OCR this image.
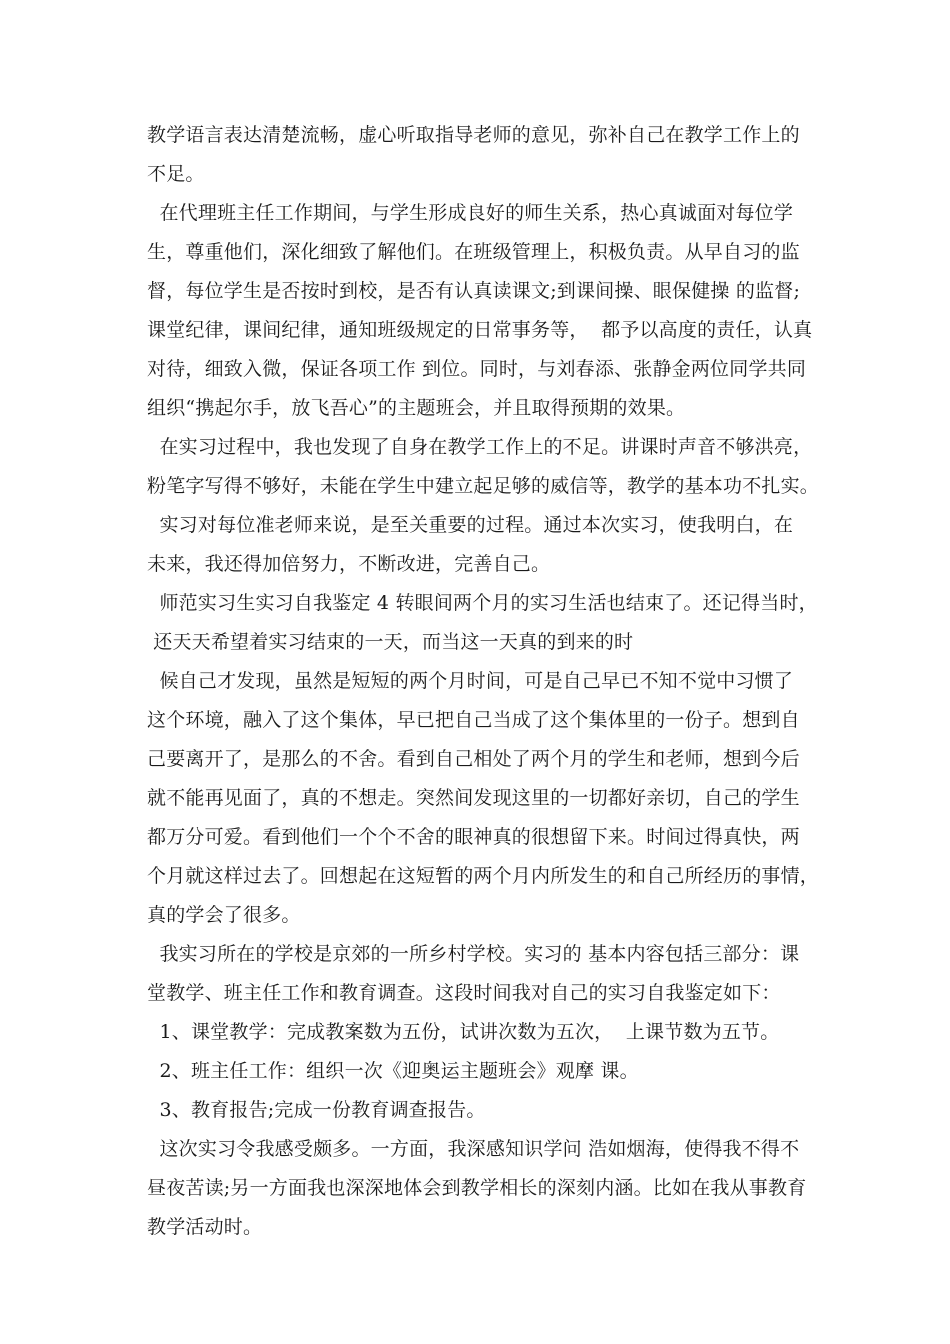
教学语言表达清楚流畅，虚心听取指导老师的意见，弥补自己在教学工作上的
不足。
在代理班主任工作期间，与学生形成良好的师生关系，热心真诚面对每位学
生，尊重他们，深化细致了解他们。在班级管理上，积极负责。从早自习的监
督，每位学生是否按时到校，是否有认真读课文;到课间操、眼保健操 的监督;
课堂纪律，课间纪律，通知班级规定的日常事务等，  都予以高度的责任，认真
对待，细致入微，保证各项工作 到位。同时，与刘春添、张静金两位同学共同
组织“携起尔手，放飞吾心”的主题班会，并且取得预期的效果。
在实习过程中，我也发现了自身在教学工作上的不足。讲课时声音不够洪亮，
粉笔字写得不够好，未能在学生中建立起足够的威信等，教学的基本功不扎实。
实习对每位准老师来说，是至关重要的过程。通过本次实习，使我明白，在
未来，我还得加倍努力，不断改进，完善自己。
师范实习生实习自我鉴定 4 转眼间两个月的实习生活也结束了。还记得当时，
还天天希望着实习结束的一天，而当这一天真的到来的时
候自己才发现，虽然是短短的两个月时间，可是自己早已不知不觉中习惯了
这个环境，融入了这个集体，早已把自己当成了这个集体里的一份子。想到自
己要离开了，是那么的不舍。看到自己相处了两个月的学生和老师，想到今后
就不能再见面了，真的不想走。突然间发现这里的一切都好亲切，自己的学生
都万分可爱。看到他们一个个不舍的眼神真的很想留下来。时间过得真快，两
个月就这样过去了。回想起在这短暂的两个月内所发生的和自己所经历的事情，
真的学会了很多。
我实习所在的学校是京郊的一所乡村学校。实习的 基本内容包括三部分：课
堂教学、班主任工作和教育调查。这段时间我对自己的实习自我鉴定如下：
1、课堂教学：完成教案数为五份，试讲次数为五次，  上课节数为五节。
2、班主任工作：组织一次《迎奥运主题班会》观摩 课。
3、教育报告;完成一份教育调查报告。
这次实习令我感受颇多。一方面，我深感知识学问 浩如烟海，使得我不得不
昼夜苦读;另一方面我也深深地体会到教学相长的深刻内涵。比如在我从事教育
教学活动时。
